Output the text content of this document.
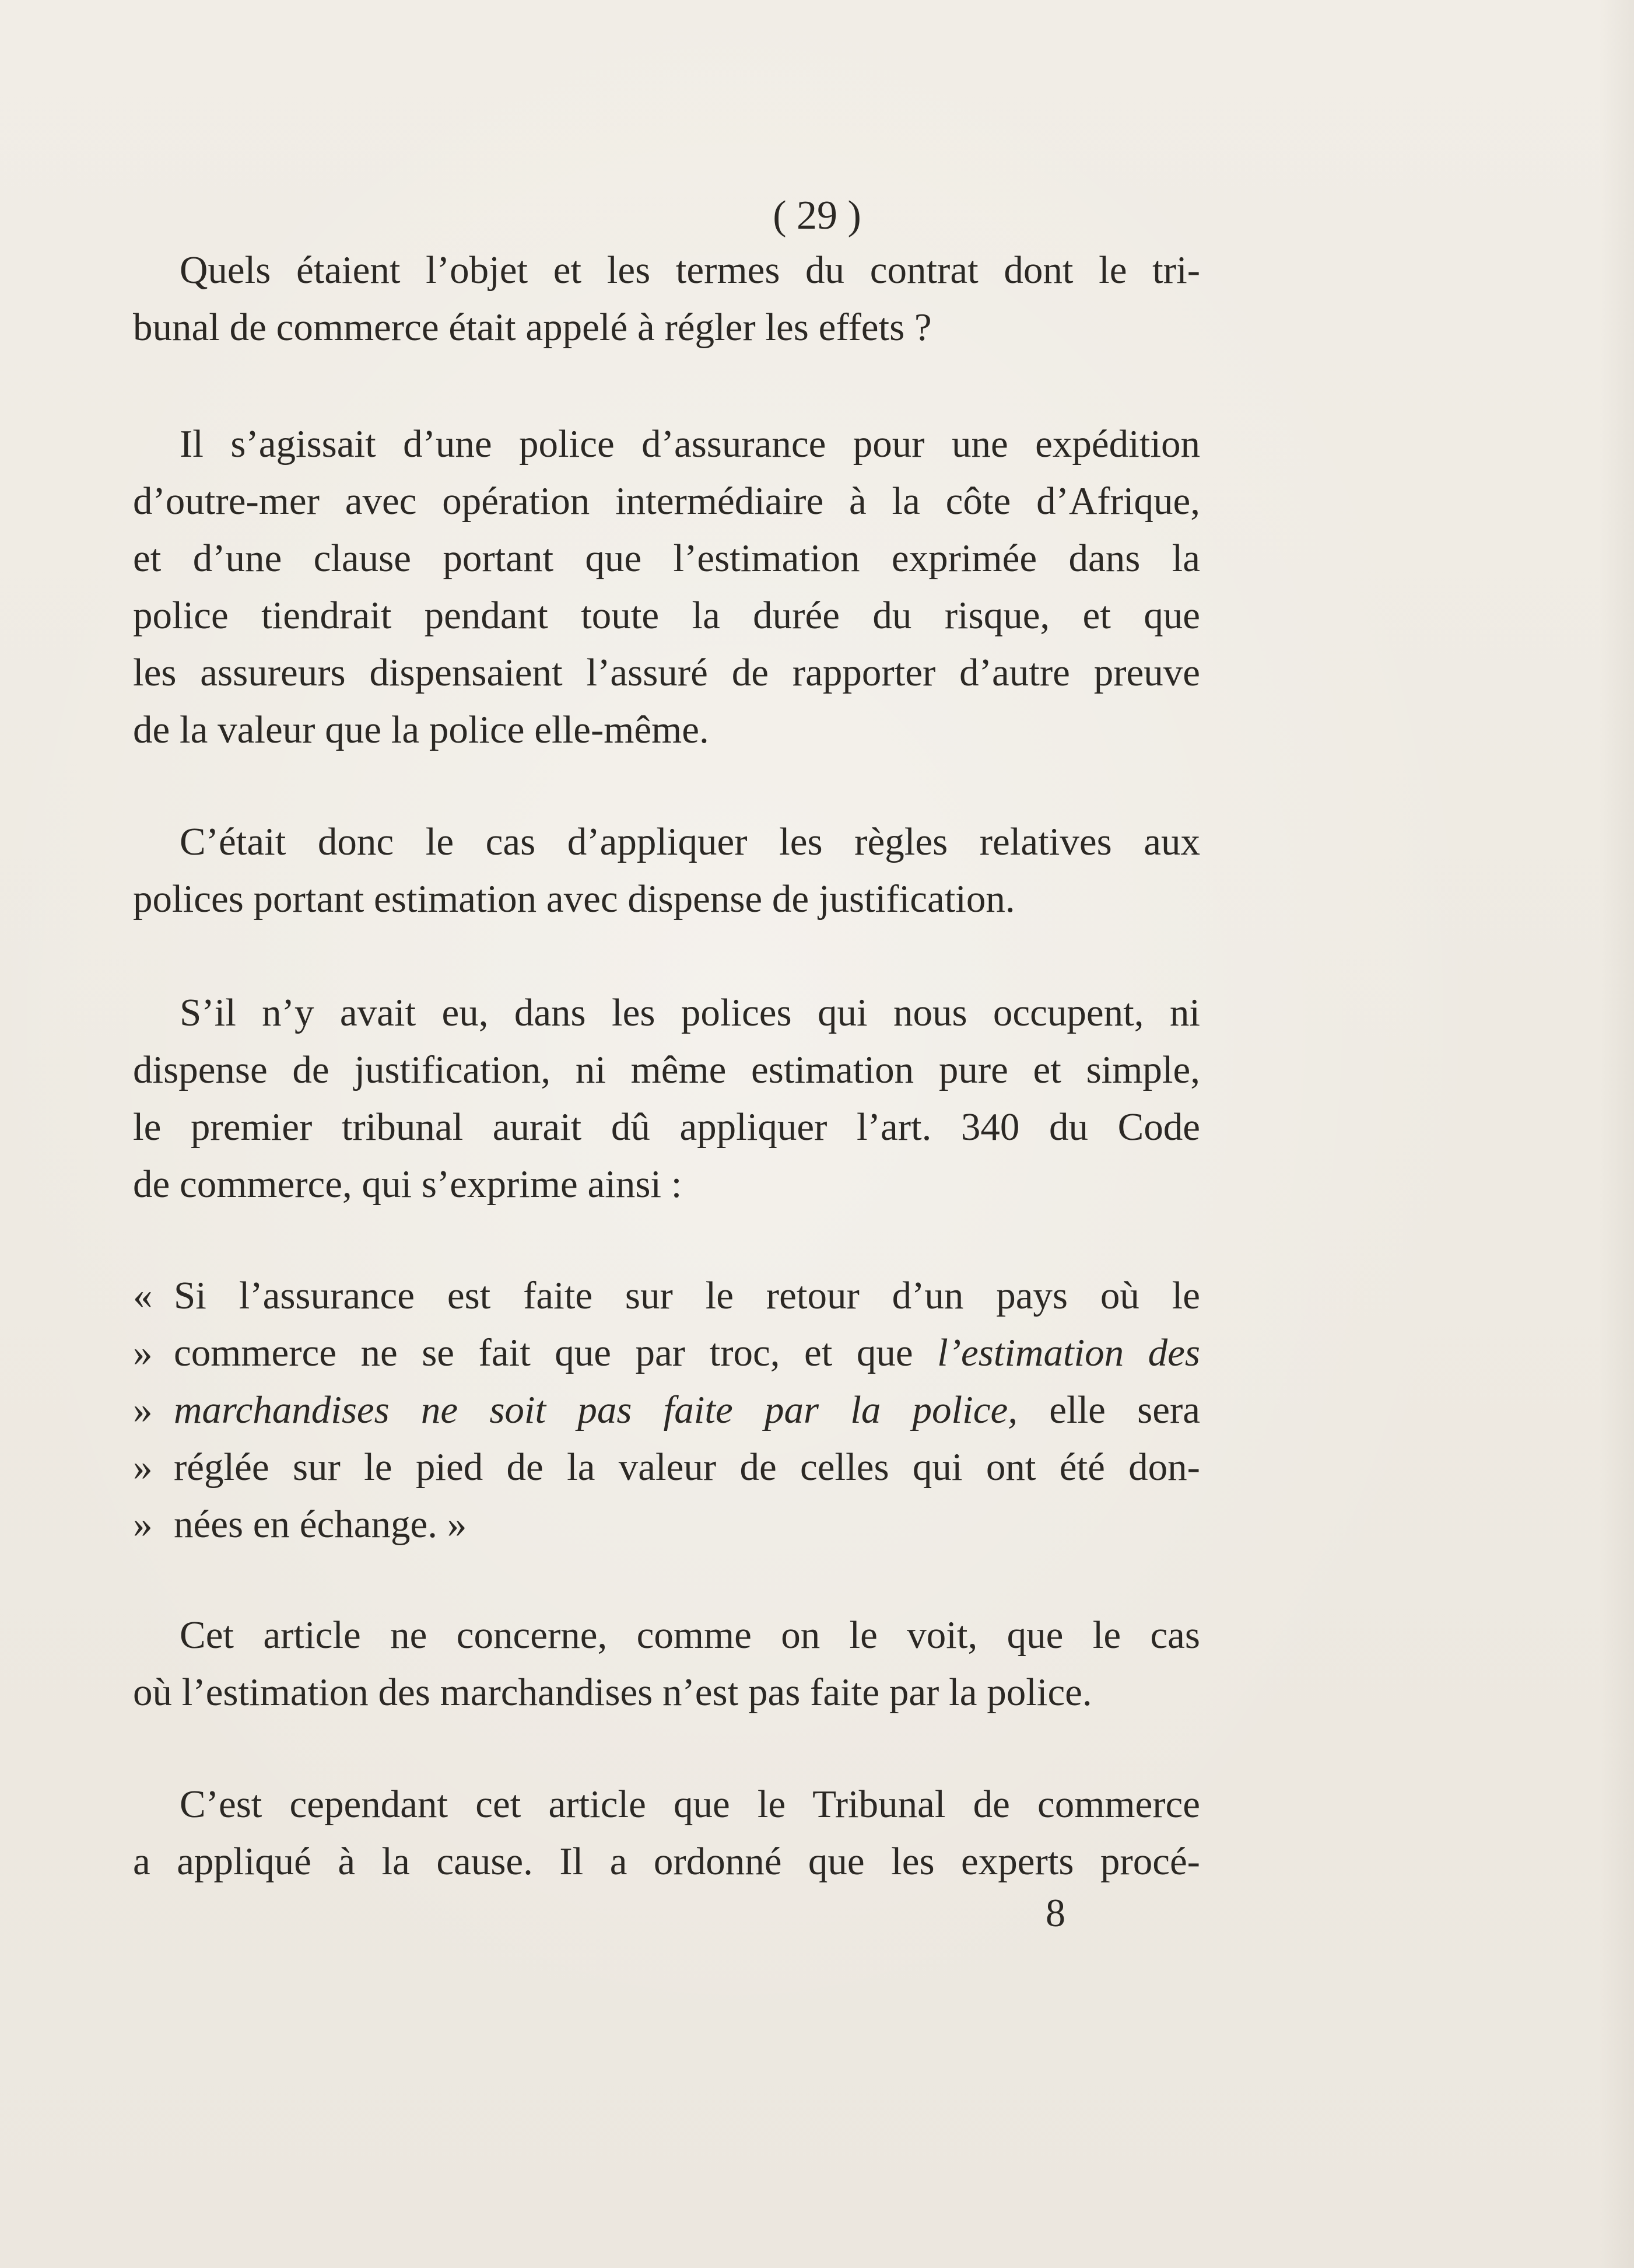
( 29 )
Quels étaient l’objet et les termes du contrat dont le tri-
bunal de commerce était appelé à régler les effets ?
Il s’agissait d’une police d’assurance pour une expédition
d’outre-mer avec opération intermédiaire à la côte d’Afrique,
et d’une clause portant que l’estimation exprimée dans la
police tiendrait pendant toute la durée du risque, et que
les assureurs dispensaient l’assuré de rapporter d’autre preuve
de la valeur que la police elle-même.
C’était donc le cas d’appliquer les règles relatives aux
polices portant estimation avec dispense de justification.
S’il n’y avait eu, dans les polices qui nous occupent, ni
dispense de justification, ni même estimation pure et simple,
le premier tribunal aurait dû appliquer l’art. 340 du Code
de commerce, qui s’exprime ainsi :
« Si l’assurance est faite sur le retour d’un pays où le
» commerce ne se fait que par troc, et que l’estimation des
» marchandises ne soit pas faite par la police, elle sera
» réglée sur le pied de la valeur de celles qui ont été don-
» nées en échange. »
Cet article ne concerne, comme on le voit, que le cas
où l’estimation des marchandises n’est pas faite par la police.
C’est cependant cet article que le Tribunal de commerce
a appliqué à la cause. Il a ordonné que les experts procé-
8
